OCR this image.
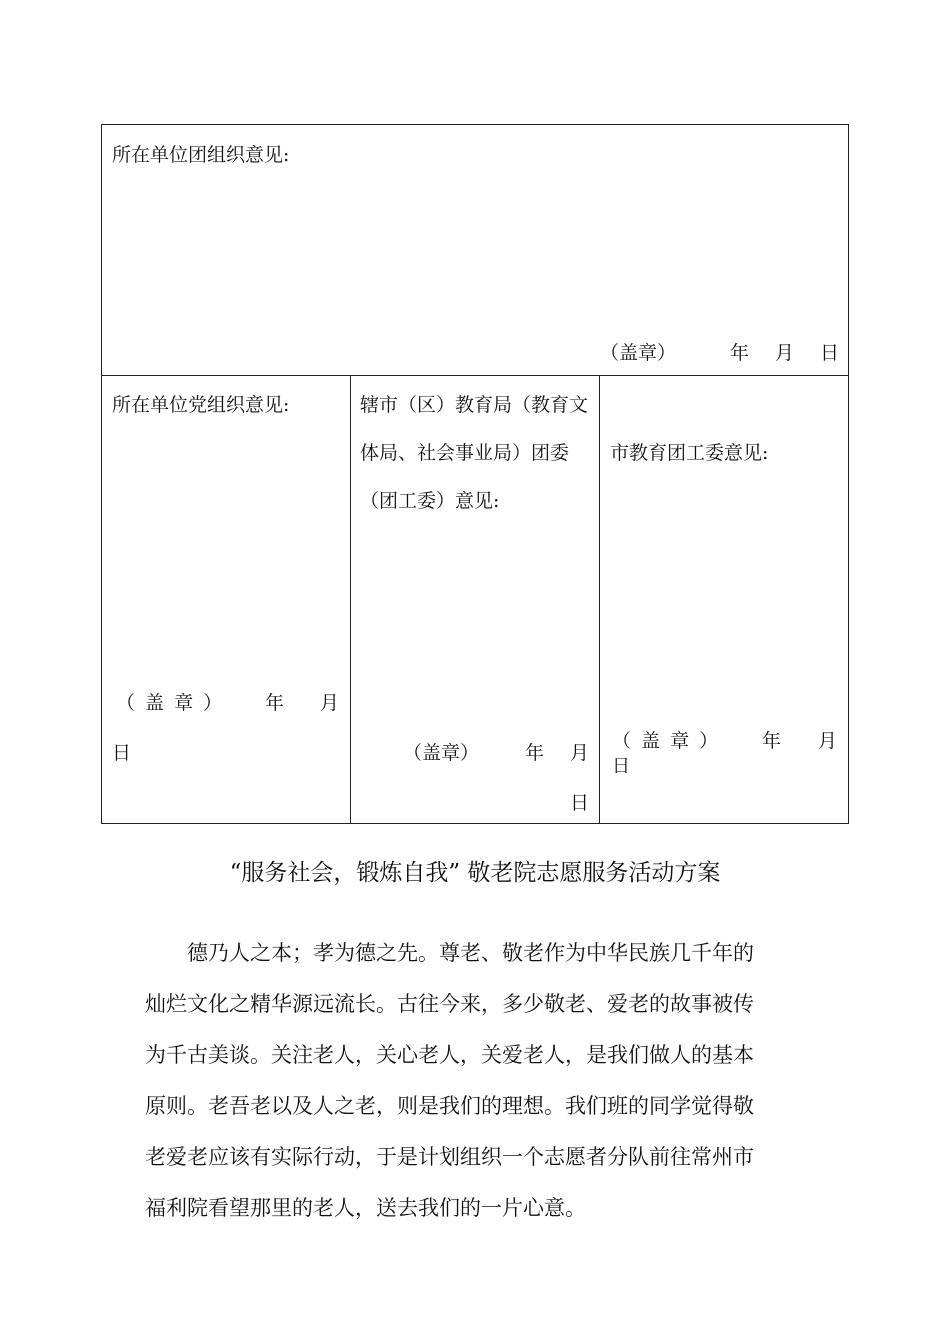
所在单位团组织意见:
（盖章）	年 月 日
所在单位党组织意见:
（ 盖 章 ） 年 月
日
辖市（区）教育局（教育文
体局、社会事业局）团委
（团工委）意见:
（盖章） 年 月
日
市教育团工委意见:
（ 盖 章 ） 年 月
日
“服务社会，锻炼自我” 敬老院志愿服务活动方案
德乃人之本；孝为德之先。尊老、敬老作为中华民族几千年的
灿烂文化之精华源远流长。古往今来，多少敬老、爱老的故事被传
为千古美谈。关注老人，关心老人，关爱老人，是我们做人的基本
原则。老吾老以及人之老，则是我们的理想。我们班的同学觉得敬
老爱老应该有实际行动，于是计划组织一个志愿者分队前往常州市
福利院看望那里的老人，送去我们的一片心意。
